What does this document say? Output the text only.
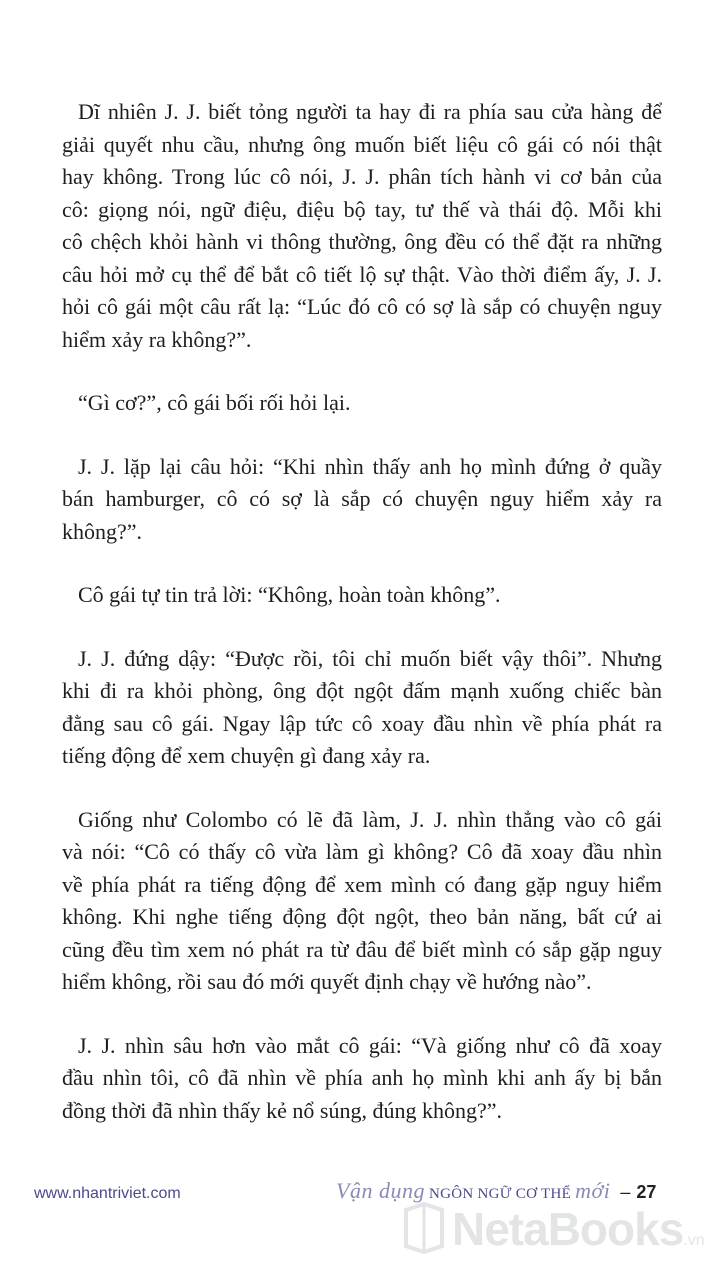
Dĩ nhiên J. J. biết tỏng người ta hay đi ra phía sau cửa hàng để
giải quyết nhu cầu, nhưng ông muốn biết liệu cô gái có nói thật
hay không. Trong lúc cô nói, J. J. phân tích hành vi cơ bản của
cô: giọng nói, ngữ điệu, điệu bộ tay, tư thế và thái độ. Mỗi khi
cô chệch khỏi hành vi thông thường, ông đều có thể đặt ra những
câu hỏi mở cụ thể để bắt cô tiết lộ sự thật. Vào thời điểm ấy, J. J.
hỏi cô gái một câu rất lạ: “Lúc đó cô có sợ là sắp có chuyện nguy
hiểm xảy ra không?”.

“Gì cơ?”, cô gái bối rối hỏi lại.

J. J. lặp lại câu hỏi: “Khi nhìn thấy anh họ mình đứng ở quầy
bán hamburger, cô có sợ là sắp có chuyện nguy hiểm xảy ra
không?”.

Cô gái tự tin trả lời: “Không, hoàn toàn không”.

J. J. đứng dậy: “Được rồi, tôi chỉ muốn biết vậy thôi”. Nhưng
khi đi ra khỏi phòng, ông đột ngột đấm mạnh xuống chiếc bàn
đằng sau cô gái. Ngay lập tức cô xoay đầu nhìn về phía phát ra
tiếng động để xem chuyện gì đang xảy ra.

Giống như Colombo có lẽ đã làm, J. J. nhìn thẳng vào cô gái
và nói: “Cô có thấy cô vừa làm gì không? Cô đã xoay đầu nhìn
về phía phát ra tiếng động để xem mình có đang gặp nguy hiểm
không. Khi nghe tiếng động đột ngột, theo bản năng, bất cứ ai
cũng đều tìm xem nó phát ra từ đâu để biết mình có sắp gặp nguy
hiểm không, rồi sau đó mới quyết định chạy về hướng nào”.

J. J. nhìn sâu hơn vào mắt cô gái: “Và giống như cô đã xoay
đầu nhìn tôi, cô đã nhìn về phía anh họ mình khi anh ấy bị bắn
đồng thời đã nhìn thấy kẻ nổ súng, đúng không?”.

www.nhantriviet.com	Vận dụng NGÔN NGỮ CƠ THỂ mới – 27
NetaBooks.vn
